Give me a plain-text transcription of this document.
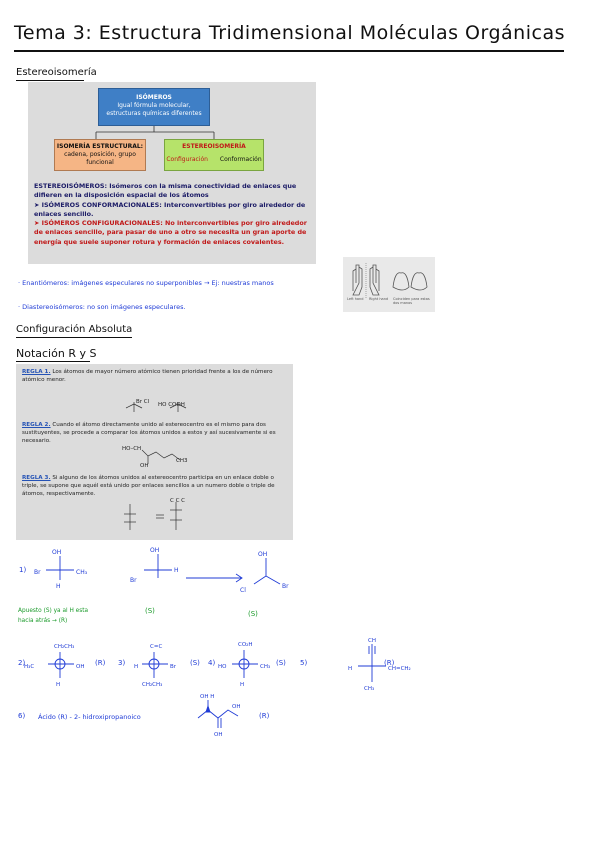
Tema 3: Estructura Tridimensional Moléculas Orgánicas
Estereoisomería
ISÓMEROS
Igual fórmula molecular,
estructuras químicas diferentes
ISOMERÍA ESTRUCTURAL:
cadena, posición, grupo
funcional
ESTEREOISOMERÍA
Configuración Conformación
ESTEREOISÓMEROS: Isómeros con la misma conectividad de enlaces que difieren en la disposición espacial de los átomos
➤ ISÓMEROS CONFORMACIONALES: Interconvertibles por giro alrededor de enlaces sencillo.
➤ ISÓMEROS CONFIGURACIONALES: No interconvertibles por giro alrededor de enlaces sencillo, para pasar de uno a otro se necesita un gran aporte de energía que suele suponer rotura y formación de enlaces covalentes.
· Enantiómeros: imágenes especulares no superponibles → Ej: nuestras manos
· Diastereoisómeros: no son imágenes especulares.
Left hand Right hand Coinciden para estas dos manos
Configuración Absoluta
Notación R y S
REGLA 1. Los átomos de mayor número atómico tienen prioridad frente a los de número atómico menor.
Br Cl HO COOH
REGLA 2. Cuando el átomo directamente unido al estereocentro es el mismo para dos sustituyentes, se procede a comparar los átomos unidos a estos y así sucesivamente si es necesario.
HO–CH
OH
CH3
REGLA 3. Si alguno de los átomos unidos al estereocentro participa en un enlace doble o triple, se supone que aquél está unido por enlaces sencillos a un numero doble o triple de átomos, respectivamente.
C C C
1)
OH
Br	CH₃
H
OH
Br
H
OH
Cl
Br
(S)	(S)
Apuesto (S) ya al H esta
hacia atrás → (R)
CH₂CH₃
H₃C	OH
H
C=C
H	Br
CH₂CH₃
CO₂H
HO	CH₃
H
CH
H	CH=CH₂
CH₃
2)	(R) 3)	(S) 4)	(S) 5)	(R)
6) Ácido (R) - 2- hidroxipropanoico
OH H
OH
OH
(R)
